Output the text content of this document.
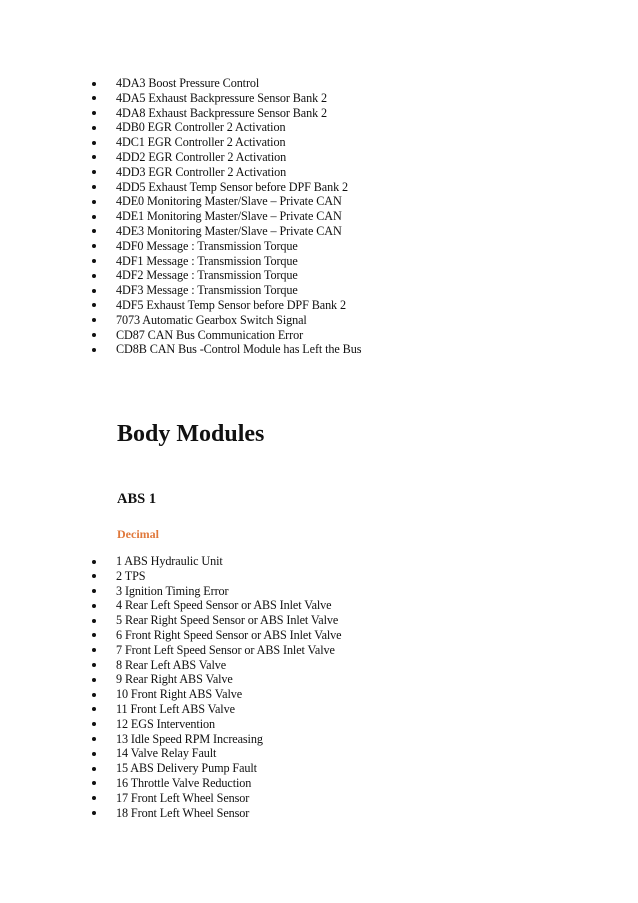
4DA3 Boost Pressure Control
4DA5 Exhaust Backpressure Sensor Bank 2
4DA8 Exhaust Backpressure Sensor Bank 2
4DB0 EGR Controller 2 Activation
4DC1 EGR Controller 2 Activation
4DD2 EGR Controller 2 Activation
4DD3 EGR Controller 2 Activation
4DD5 Exhaust Temp Sensor before DPF Bank 2
4DE0 Monitoring Master/Slave – Private CAN
4DE1 Monitoring Master/Slave – Private CAN
4DE3 Monitoring Master/Slave – Private CAN
4DF0 Message : Transmission Torque
4DF1 Message : Transmission Torque
4DF2 Message : Transmission Torque
4DF3 Message : Transmission Torque
4DF5 Exhaust Temp Sensor before DPF Bank 2
7073 Automatic Gearbox Switch Signal
CD87 CAN Bus Communication Error
CD8B CAN Bus -Control Module has Left the Bus
Body Modules
ABS 1
Decimal
1 ABS Hydraulic Unit
2 TPS
3 Ignition Timing Error
4 Rear Left Speed Sensor or ABS Inlet Valve
5 Rear Right Speed Sensor or ABS Inlet Valve
6 Front Right Speed Sensor or ABS Inlet Valve
7 Front Left Speed Sensor or ABS Inlet Valve
8 Rear Left ABS Valve
9 Rear Right ABS Valve
10 Front Right ABS Valve
11 Front Left ABS Valve
12 EGS Intervention
13 Idle Speed RPM Increasing
14 Valve Relay Fault
15 ABS Delivery Pump Fault
16 Throttle Valve Reduction
17 Front Left Wheel Sensor
18 Front Left Wheel Sensor
